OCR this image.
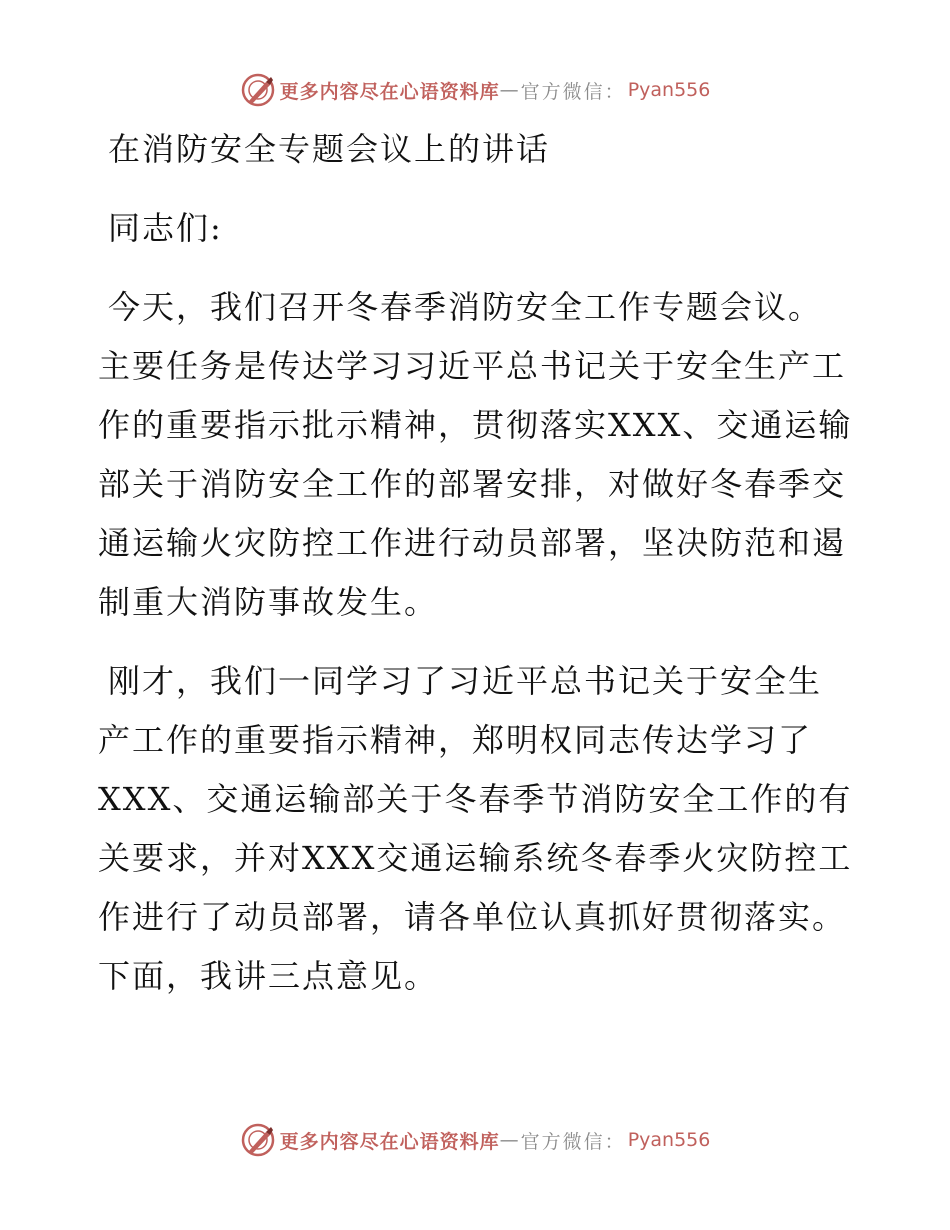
更多内容尽在心语资料库 — 官方微信： Pyan556

在消防安全专题会议上的讲话

同志们:

今天，我们召开冬春季消防安全工作专题会议。

主要任务是传达学习习近平总书记关于安全生产工

作的重要指示批示精神，贯彻落实XXX、交通运输

部关于消防安全工作的部署安排，对做好冬春季交

通运输火灾防控工作进行动员部署，坚决防范和遏

制重大消防事故发生。

刚才，我们一同学习了习近平总书记关于安全生

产工作的重要指示精神，郑明权同志传达学习了

XXX、交通运输部关于冬春季节消防安全工作的有

关要求，并对XXX交通运输系统冬春季火灾防控工

作进行了动员部署，请各单位认真抓好贯彻落实。

下面，我讲三点意见。

更多内容尽在心语资料库 — 官方微信： Pyan556
